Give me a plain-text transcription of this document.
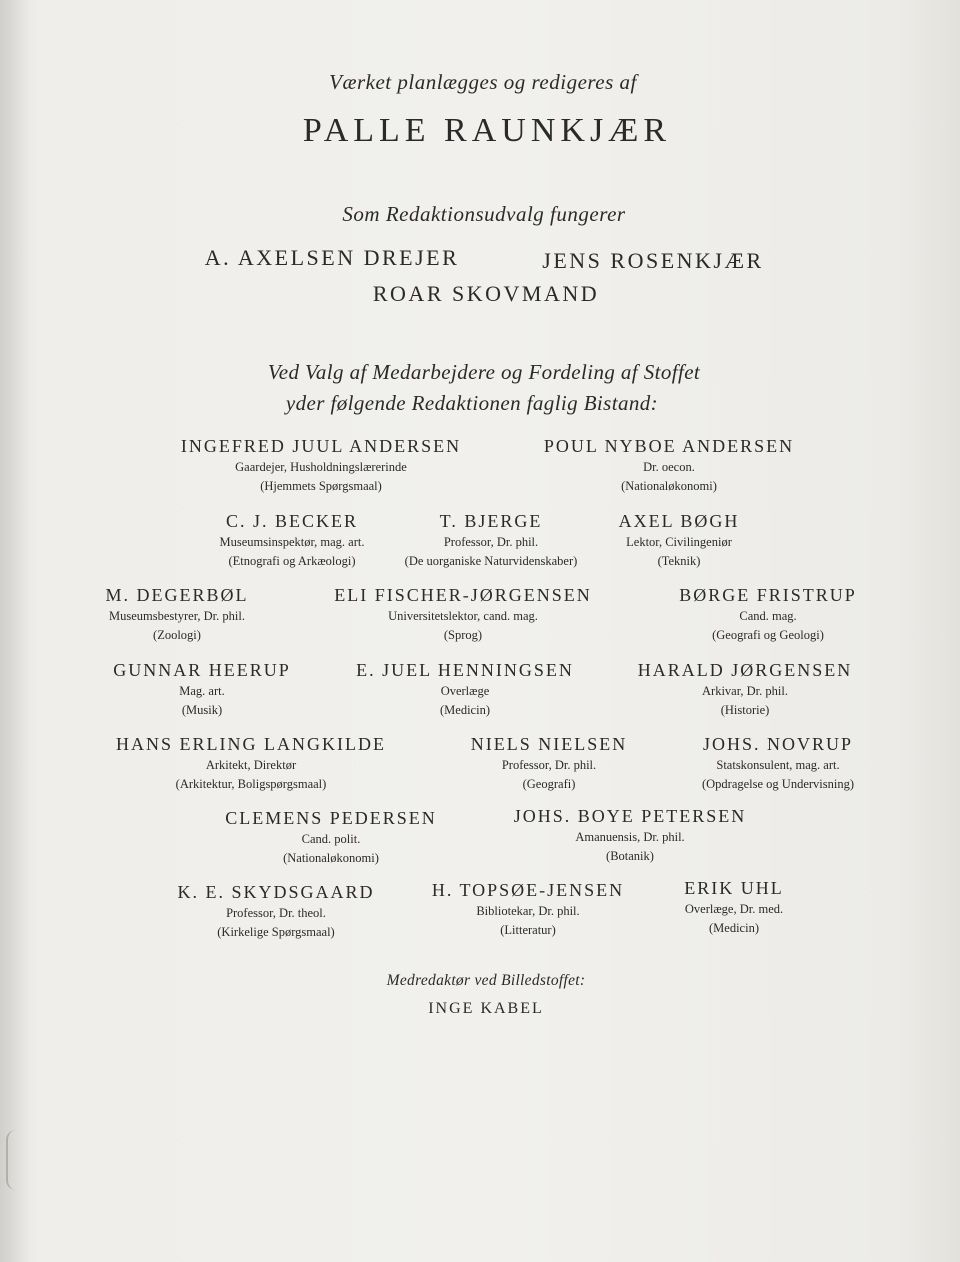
Værket planlægges og redigeres af
PALLE RAUNKJÆR
Som Redaktionsudvalg fungerer
A. AXELSEN DREJER	JENS ROSENKJÆR
ROAR SKOVMAND
Ved Valg af Medarbejdere og Fordeling af Stoffet
yder følgende Redaktionen faglig Bistand:
INGEFRED JUUL ANDERSEN
Gaardejer, Husholdningslærerinde
(Hjemmets Spørgsmaal)
POUL NYBOE ANDERSEN
Dr. oecon.
(Nationaløkonomi)
C. J. BECKER
Museumsinspektør, mag. art.
(Etnografi og Arkæologi)
T. BJERGE
Professor, Dr. phil.
(De uorganiske Naturvidenskaber)
AXEL BØGH
Lektor, Civilingeniør
(Teknik)
M. DEGERBØL
Museumsbestyrer, Dr. phil.
(Zoologi)
ELI FISCHER-JØRGENSEN
Universitetslektor, cand. mag.
(Sprog)
BØRGE FRISTRUP
Cand. mag.
(Geografi og Geologi)
GUNNAR HEERUP
Mag. art.
(Musik)
E. JUEL HENNINGSEN
Overlæge
(Medicin)
HARALD JØRGENSEN
Arkivar, Dr. phil.
(Historie)
HANS ERLING LANGKILDE
Arkitekt, Direktør
(Arkitektur, Boligspørgsmaal)
NIELS NIELSEN
Professor, Dr. phil.
(Geografi)
JOHS. NOVRUP
Statskonsulent, mag. art.
(Opdragelse og Undervisning)
CLEMENS PEDERSEN
Cand. polit.
(Nationaløkonomi)
JOHS. BOYE PETERSEN
Amanuensis, Dr. phil.
(Botanik)
K. E. SKYDSGAARD
Professor, Dr. theol.
(Kirkelige Spørgsmaal)
H. TOPSØE-JENSEN
Bibliotekar, Dr. phil.
(Litteratur)
ERIK UHL
Overlæge, Dr. med.
(Medicin)
Medredaktør ved Billedstoffet:
INGE KABEL
